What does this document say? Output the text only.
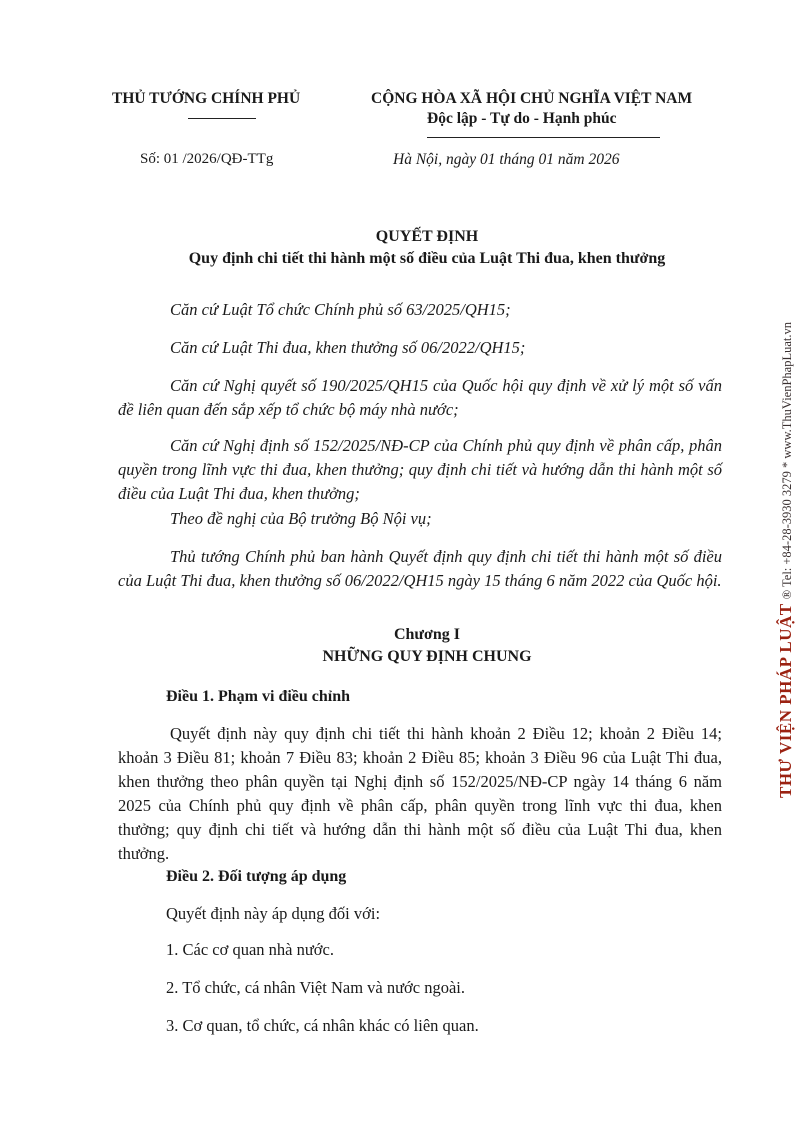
THỦ TƯỚNG CHÍNH PHỦ
Số: 01 /2026/QĐ-TTg
CỘNG HÒA XÃ HỘI CHỦ NGHĨA VIỆT NAM
Độc lập - Tự do - Hạnh phúc
Hà Nội, ngày 01 tháng 01 năm 2026
QUYẾT ĐỊNH
Quy định chi tiết thi hành một số điều của Luật Thi đua, khen thưởng
Căn cứ Luật Tổ chức Chính phủ số 63/2025/QH15;
Căn cứ Luật Thi đua, khen thưởng số 06/2022/QH15;
Căn cứ Nghị quyết số 190/2025/QH15 của Quốc hội quy định về xử lý một số vấn đề liên quan đến sắp xếp tổ chức bộ máy nhà nước;
Căn cứ Nghị định số 152/2025/NĐ-CP của Chính phủ quy định về phân cấp, phân quyền trong lĩnh vực thi đua, khen thưởng; quy định chi tiết và hướng dẫn thi hành một số điều của Luật Thi đua, khen thưởng;
Theo đề nghị của Bộ trưởng Bộ Nội vụ;
Thủ tướng Chính phủ ban hành Quyết định quy định chi tiết thi hành một số điều của Luật Thi đua, khen thưởng số 06/2022/QH15 ngày 15 tháng 6 năm 2022 của Quốc hội.
Chương I
NHỮNG QUY ĐỊNH CHUNG
Điều 1. Phạm vi điều chỉnh
Quyết định này quy định chi tiết thi hành khoản 2 Điều 12; khoản 2 Điều 14; khoản 3 Điều 81; khoản 7 Điều 83; khoản 2 Điều 85; khoản 3 Điều 96 của Luật Thi đua, khen thưởng theo phân quyền tại Nghị định số 152/2025/NĐ-CP ngày 14 tháng 6 năm 2025 của Chính phủ quy định về phân cấp, phân quyền trong lĩnh vực thi đua, khen thưởng; quy định chi tiết và hướng dẫn thi hành một số điều của Luật Thi đua, khen thưởng.
Điều 2. Đối tượng áp dụng
Quyết định này áp dụng đối với:
1. Các cơ quan nhà nước.
2. Tổ chức, cá nhân Việt Nam và nước ngoài.
3. Cơ quan, tổ chức, cá nhân khác có liên quan.
THƯ VIỆN PHÁP LUẬT ® Tel: +84-28-3930 3279 * www.ThuVienPhapLuat.vn
